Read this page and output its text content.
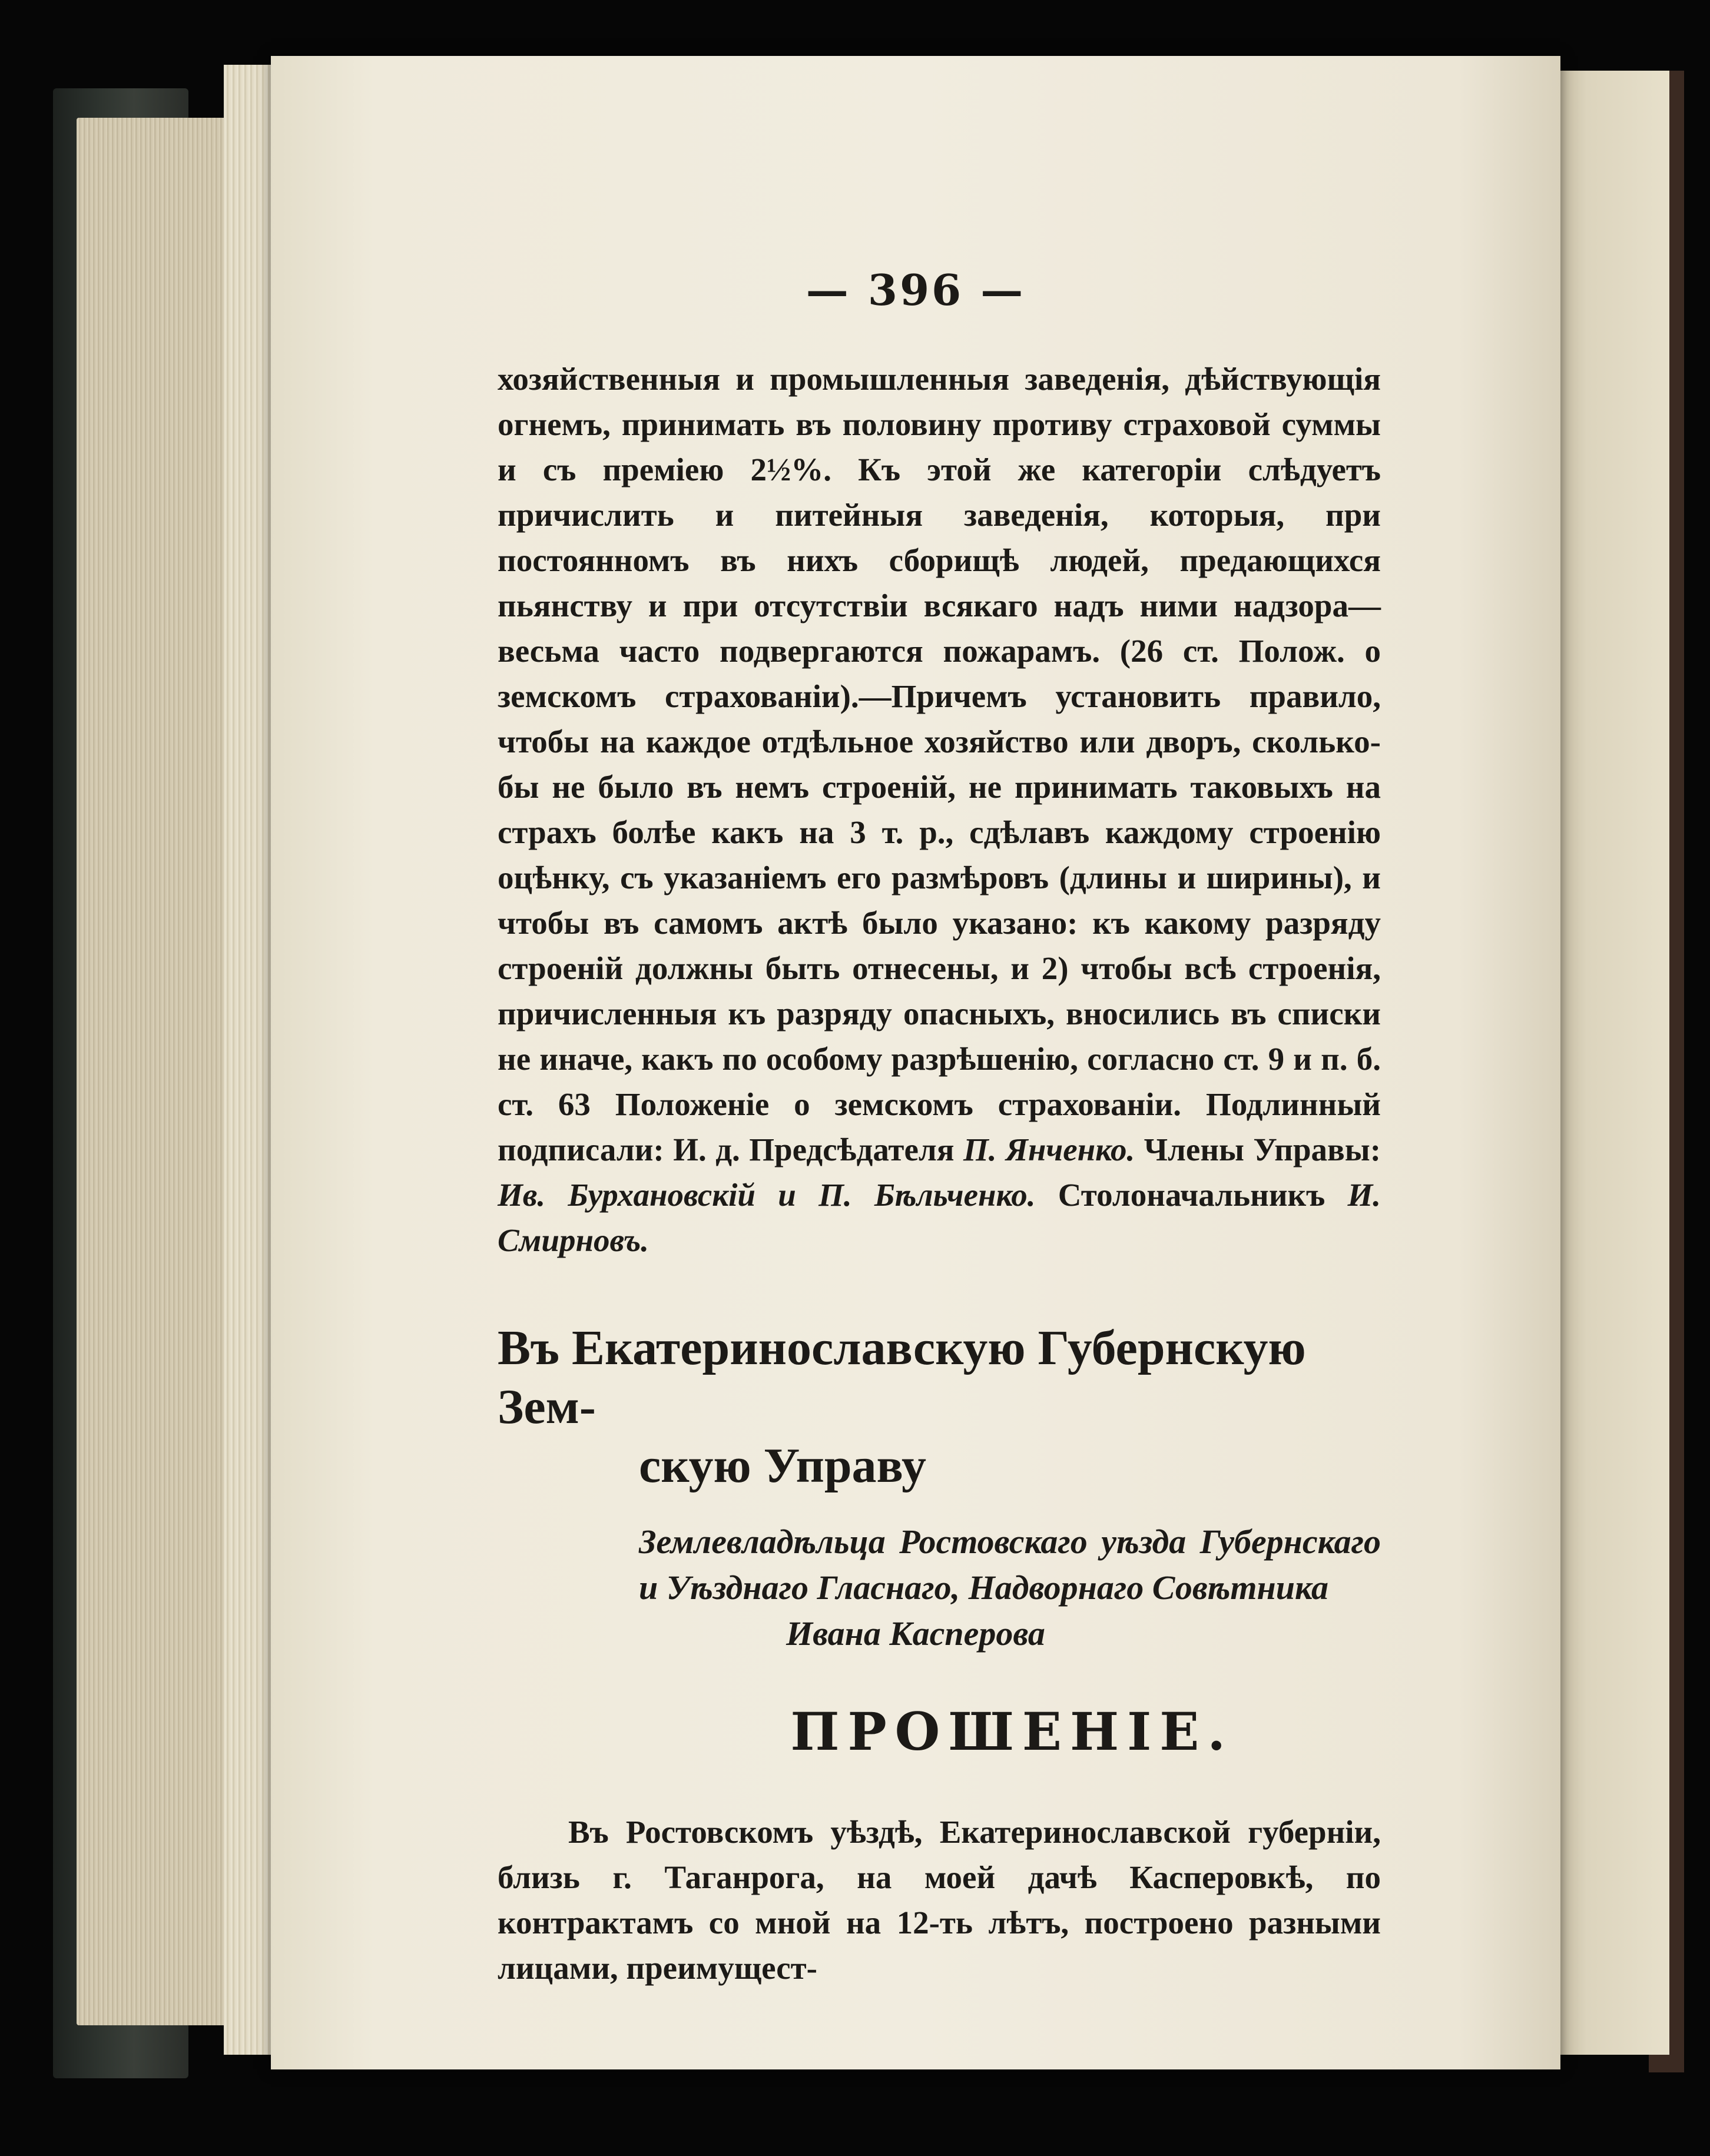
— 396 —

хозяйственныя и промышленныя заведенія, дѣйствующія огнемъ, принимать въ половину противу страховой суммы и съ преміею 2½%. Къ этой же категоріи слѣдуетъ причислить и питейныя заведенія, которыя, при постоянномъ въ нихъ сборищѣ людей, предающихся пьянству и при отсутствіи всякаго надъ ними надзора—весьма часто подвергаются пожарамъ. (26 ст. Полож. о земскомъ страхованіи).—Причемъ установить правило, чтобы на каждое отдѣльное хозяйство или дворъ, сколько-бы не было въ немъ строеній, не принимать таковыхъ на страхъ болѣе какъ на 3 т. р., сдѣлавъ каждому строенію оцѣнку, съ указаніемъ его размѣровъ (длины и ширины), и чтобы въ самомъ актѣ было указано: къ какому разряду строеній должны быть отнесены, и 2) чтобы всѣ строенія, причисленныя къ разряду опасныхъ, вносились въ списки не иначе, какъ по особому разрѣшенію, согласно ст. 9 и п. б. ст. 63 Положеніе о земскомъ страхованіи. Подлинный подписали: И. д. Предсѣдателя П. Янченко. Члены Управы: Ив. Бурхановскій и П. Бѣльченко. Столоначальникъ И. Смирновъ.

Въ Екатеринославскую Губернскую Зем-
скую Управу
Землевладѣльца Ростовскаго уѣзда Губернскаго и Уѣзднаго Гласнаго, Надворнаго Совѣтника
Ивана Касперова
ПРОШЕНІЕ.

Въ Ростовскомъ уѣздѣ, Екатеринославской губерніи, близь г. Таганрога, на моей дачѣ Касперовкѣ, по контрактамъ со мной на 12-ть лѣтъ, построено разными лицами, преимущест-
